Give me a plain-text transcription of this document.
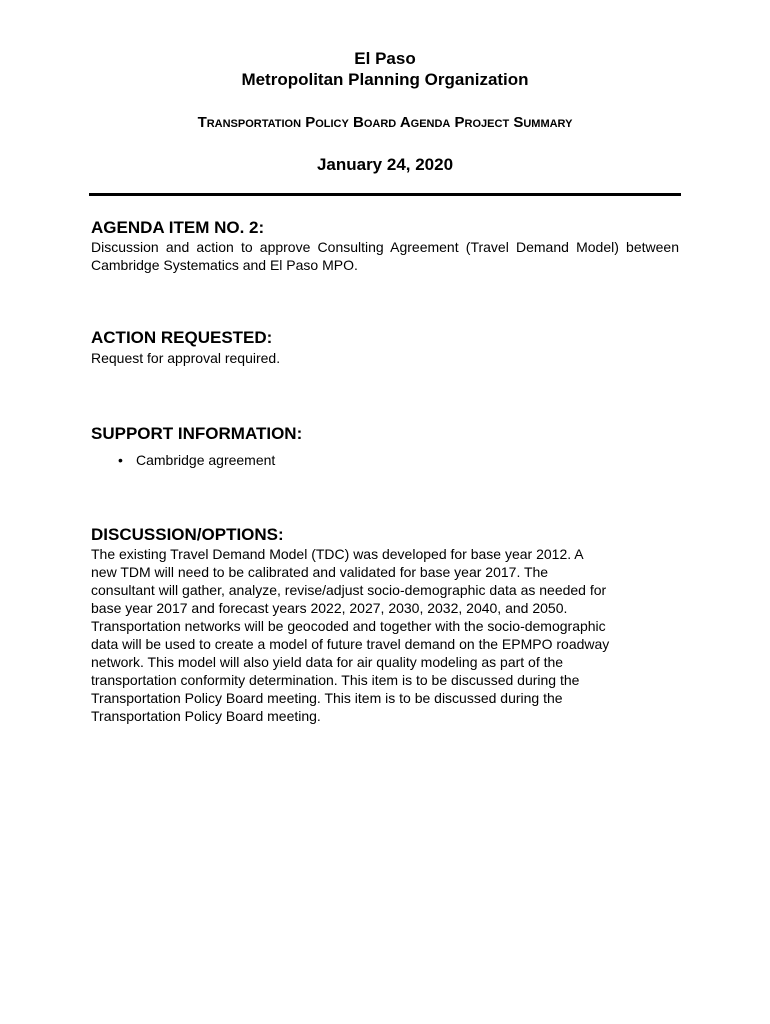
El Paso
Metropolitan Planning Organization
Transportation Policy Board Agenda Project Summary
January 24, 2020
AGENDA ITEM NO. 2:

Discussion and action to approve Consulting Agreement (Travel Demand Model) between Cambridge Systematics and El Paso MPO.

ACTION REQUESTED:

Request for approval required.

SUPPORT INFORMATION:
• Cambridge agreement
DISCUSSION/OPTIONS:

The existing Travel Demand Model (TDC) was developed for base year 2012. A new TDM will need to be calibrated and validated for base year 2017. The consultant will gather, analyze, revise/adjust socio-demographic data as needed for base year 2017 and forecast years 2022, 2027, 2030, 2032, 2040, and 2050. Transportation networks will be geocoded and together with the socio-demographic data will be used to create a model of future travel demand on the EPMPO roadway network. This model will also yield data for air quality modeling as part of the transportation conformity determination. This item is to be discussed during the Transportation Policy Board meeting. This item is to be discussed during the Transportation Policy Board meeting.
